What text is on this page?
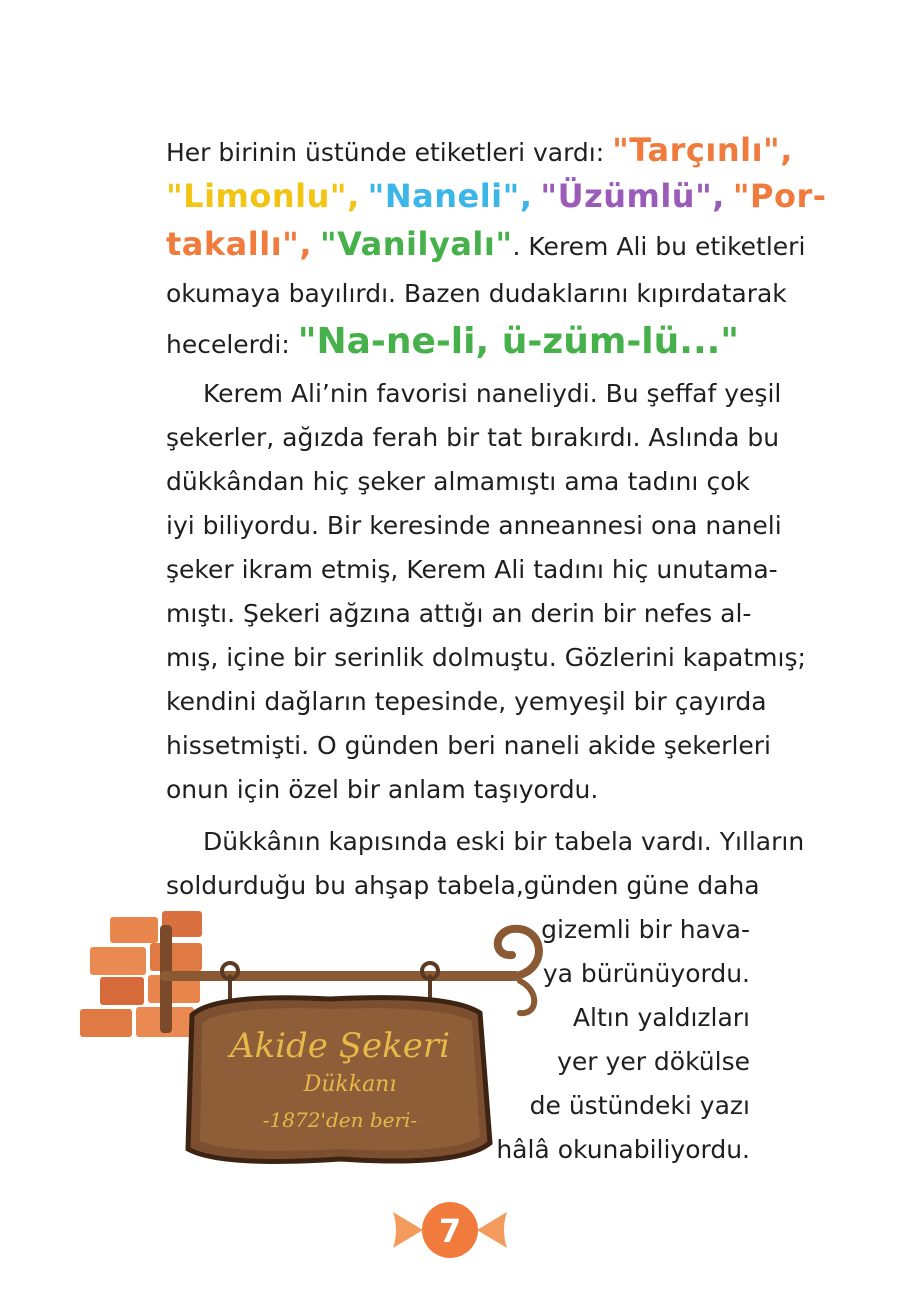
Her birinin üstünde etiketleri vardı: "Tarçınlı",
"Limonlu", "Naneli", "Üzümlü", "Por-
takallı", "Vanilyalı". Kerem Ali bu etiketleri
okumaya bayılırdı. Bazen dudaklarını kıpırdatarak
hecelerdi: "Na-ne-li, ü-züm-lü..."
Kerem Ali’nin favorisi naneliydi. Bu şeffaf yeşil
şekerler, ağızda ferah bir tat bırakırdı. Aslında bu
dükkândan hiç şeker almamıştı ama tadını çok
iyi biliyordu. Bir keresinde anneannesi ona naneli
şeker ikram etmiş, Kerem Ali tadını hiç unutama-
mıştı. Şekeri ağzına attığı an derin bir nefes al-
mış, içine bir serinlik dolmuştu. Gözlerini kapatmış;
kendini dağların tepesinde, yemyeşil bir çayırda
hissetmişti. O günden beri naneli akide şekerleri
onun için özel bir anlam taşıyordu.
Dükkânın kapısında eski bir tabela vardı. Yılların
soldurduğu bu ahşap tabela,günden güne daha
gizemli bir hava-
ya bürünüyordu.
Altın yaldızları
yer yer dökülse
de üstündeki yazı
hâlâ okunabiliyordu.
Akide Şekeri
Dükkanı
-1872'den beri-
7
